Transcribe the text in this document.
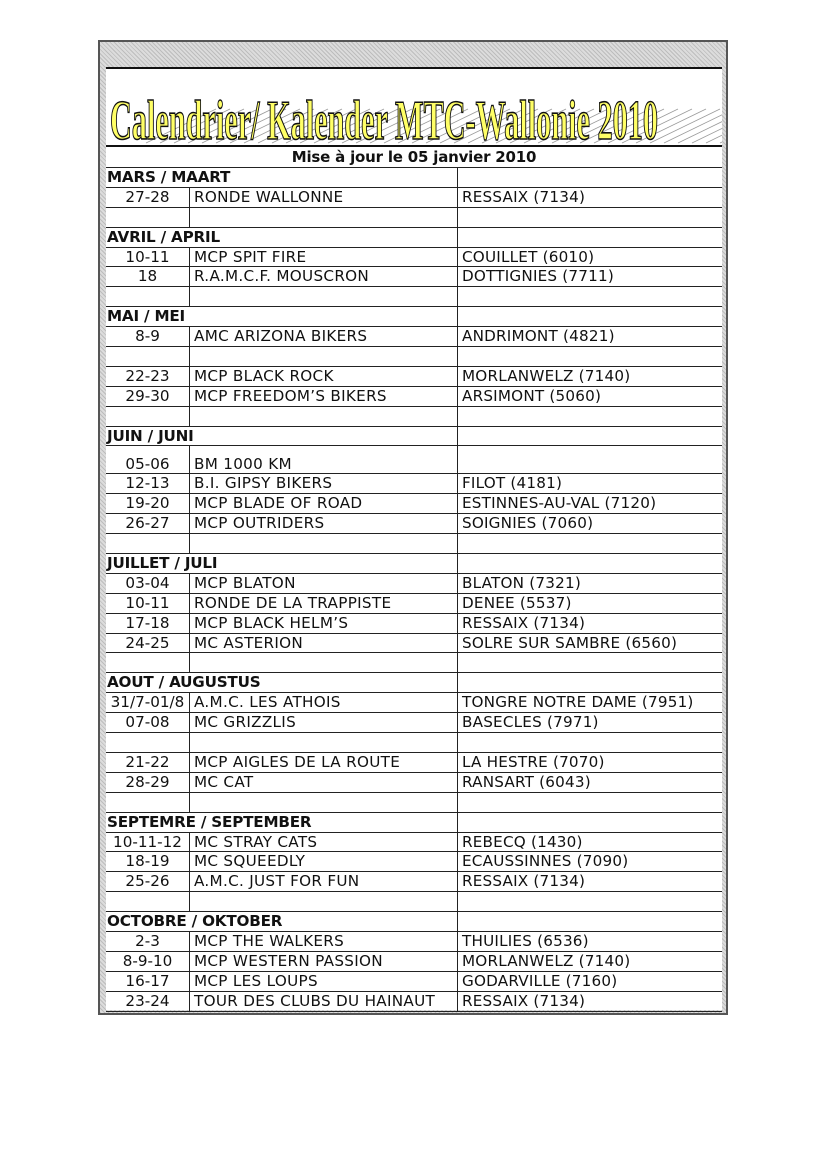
Calendrier/ Kalender MTC-Wallonie 2010
Mise à jour le 05 janvier 2010
MARS / MAART
27-28	RONDE WALLONNE	RESSAIX (7134)
AVRIL / APRIL
10-11	MCP SPIT FIRE	COUILLET (6010)
18	R.A.M.C.F. MOUSCRON	DOTTIGNIES (7711)
MAI / MEI
8-9	AMC ARIZONA BIKERS	ANDRIMONT (4821)
22-23	MCP BLACK ROCK	MORLANWELZ (7140)
29-30	MCP FREEDOM’S BIKERS	ARSIMONT (5060)
JUIN / JUNI
05-06	BM 1000 KM
12-13	B.I. GIPSY BIKERS	FILOT (4181)
19-20	MCP BLADE OF ROAD	ESTINNES-AU-VAL (7120)
26-27	MCP OUTRIDERS	SOIGNIES (7060)
JUILLET / JULI
03-04	MCP BLATON	BLATON (7321)
10-11	RONDE DE LA TRAPPISTE	DENEE (5537)
17-18	MCP BLACK HELM’S	RESSAIX (7134)
24-25	MC ASTERION	SOLRE SUR SAMBRE (6560)
AOUT / AUGUSTUS
31/7-01/8 A.M.C. LES ATHOIS	TONGRE NOTRE DAME (7951)
07-08	MC GRIZZLIS	BASECLES (7971)
21-22	MCP AIGLES DE LA ROUTE	LA HESTRE (7070)
28-29	MC CAT	RANSART (6043)
SEPTEMRE / SEPTEMBER
10-11-12 MC STRAY CATS	REBECQ (1430)
18-19	MC SQUEEDLY	ECAUSSINNES (7090)
25-26	A.M.C. JUST FOR FUN	RESSAIX (7134)
OCTOBRE / OKTOBER
2-3	MCP THE WALKERS	THUILIES (6536)
8-9-10	MCP WESTERN PASSION	MORLANWELZ (7140)
16-17	MCP LES LOUPS	GODARVILLE (7160)
23-24	TOUR DES CLUBS DU HAINAUT	RESSAIX (7134)
